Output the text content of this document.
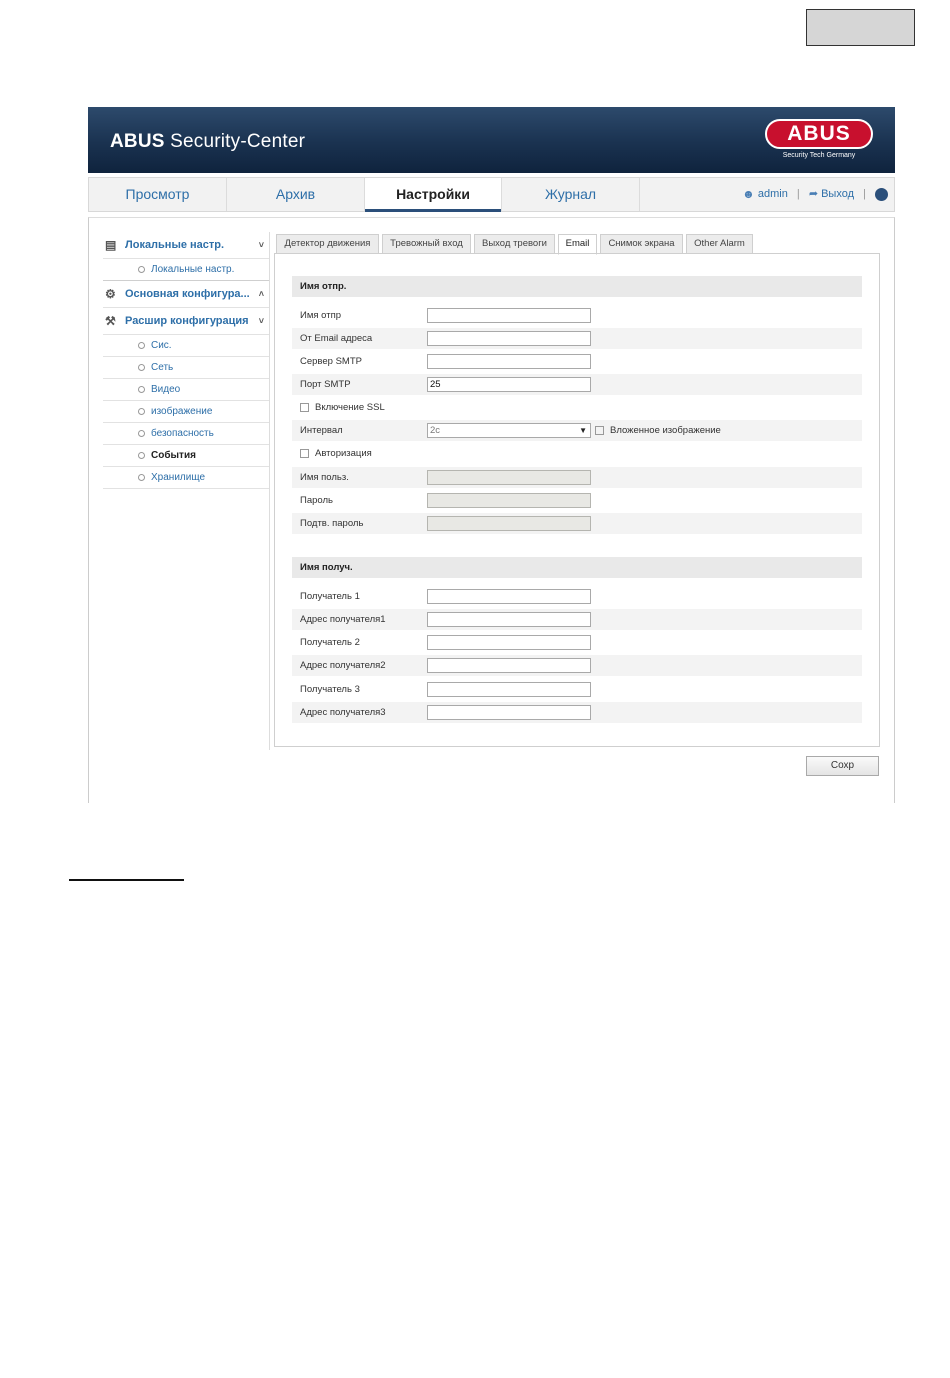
ABUS Security-Center	ABUS
Security Tech Germany
Просмотр	Архив	Настройки	Журнал	☻ admin | ➦ Выход |
▤ Локальные настр.	˅
Локальные настр.
⚙ Основная конфигура... ˄
⚒ Расшир конфигурация ˅
Сис.
Сеть
Видео
изображение
безопасность
События
Хранилище
Детектор движения	Тревожный вход	Выход тревоги	Email	Снимок экрана	Other Alarm
Имя отпр.
Имя отпр
От Email адреса
Сервер SMTP
Порт SMTP	25
Включение SSL
Интервал	2с	▼ Вложенное изображение
Авторизация
Имя польз.
Пароль
Подтв. пароль
Имя получ.
Получатель 1
Адрес получателя1
Получатель 2
Адрес получателя2
Получатель 3
Адрес получателя3
Сохр
